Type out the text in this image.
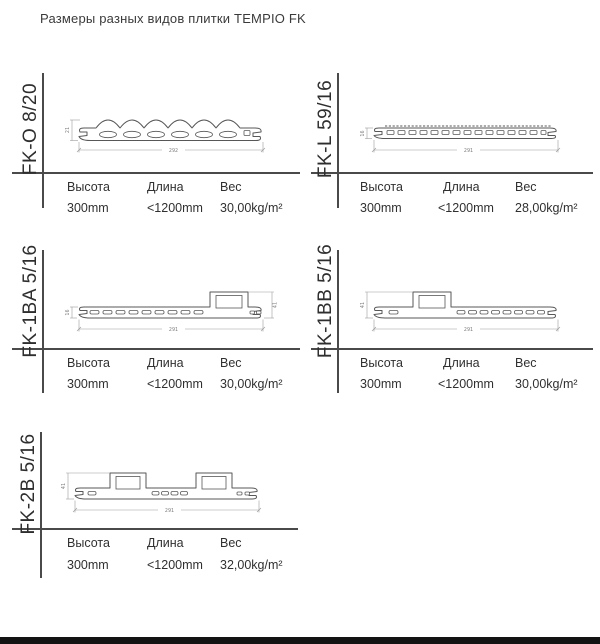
Размеры разных видов плитки TEMPIO FK
FK-O 8/20	21
292
Высота	Длина	Вес
300mm	<1200mm 30,00kg/m²
FK-L 59/16	16
291
Высота	Длина	Вес
300mm	<1200mm 28,00kg/m²
FK-1BA 5/16	16
41
291
Высота	Длина	Вес
300mm	<1200mm 30,00kg/m²
FK-1BB 5/16	41
291
Высота	Длина	Вес
300mm	<1200mm 30,00kg/m²
FK-2B 5/16	41
291
Высота	Длина	Вес
300mm	<1200mm 32,00kg/m²
